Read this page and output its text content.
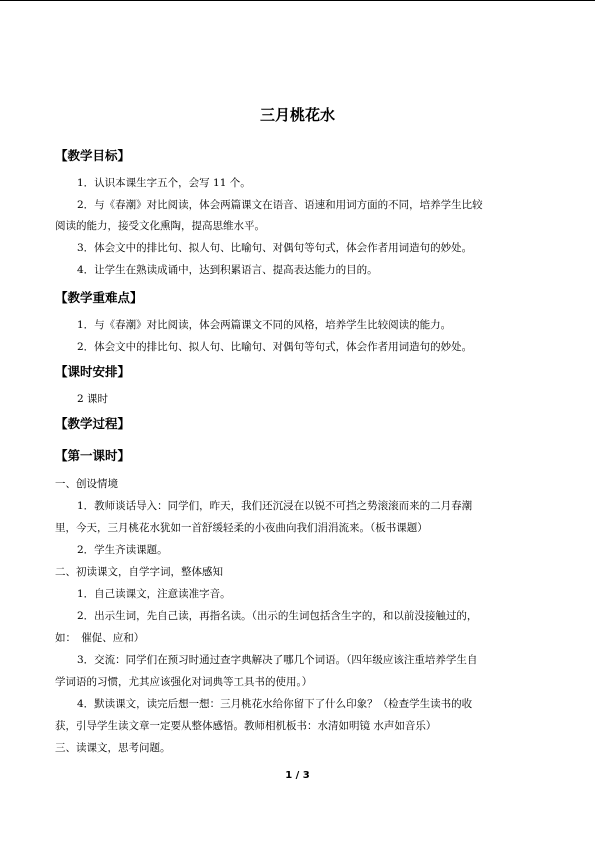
三月桃花水
【教学目标】
1．认识本课生字五个，会写 11 个。
2．与《春潮》对比阅读，体会两篇课文在语音、语速和用词方面的不同，培养学生比较
阅读的能力，接受文化熏陶，提高思维水平。
3．体会文中的排比句、拟人句、比喻句、对偶句等句式，体会作者用词造句的妙处。
4．让学生在熟读成诵中，达到积累语言、提高表达能力的目的。
【教学重难点】
1．与《春潮》对比阅读，体会两篇课文不同的风格，培养学生比较阅读的能力。
2．体会文中的排比句、拟人句、比喻句、对偶句等句式，体会作者用词造句的妙处。
【课时安排】
2 课时
【教学过程】
【第一课时】
一、创设情境
1．教师谈话导入：同学们，昨天，我们还沉浸在以锐不可挡之势滚滚而来的二月春潮
里，今天，三月桃花水犹如一首舒缓轻柔的小夜曲向我们涓涓流来。（板书课题）
2．学生齐读课题。
二、初读课文，自学字词，整体感知
1．自己读课文，注意读准字音。
2．出示生词，先自己读，再指名读。（出示的生词包括含生字的，和以前没接触过的，
如：　催促、应和）
3．交流：同学们在预习时通过查字典解决了哪几个词语。（四年级应该注重培养学生自
学词语的习惯，尤其应该强化对词典等工具书的使用。）
4．默读课文，读完后想一想：三月桃花水给你留下了什么印象？（检查学生读书的收
获，引导学生读文章一定要从整体感悟。教师相机板书：水清如明镜 水声如音乐）
三、读课文，思考问题。
1 / 3
